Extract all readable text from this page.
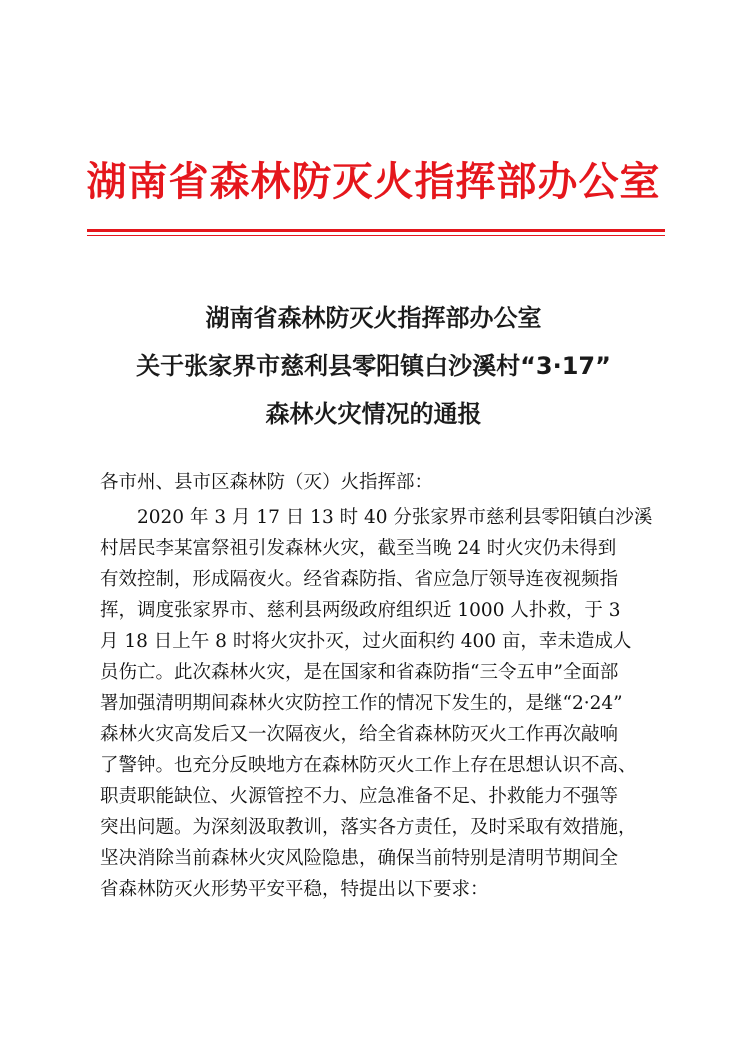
湖南省森林防灭火指挥部办公室
湖南省森林防灭火指挥部办公室
关于张家界市慈利县零阳镇白沙溪村“3·17”
森林火灾情况的通报
各市州、县市区森林防（灭）火指挥部：
　　2020 年 3 月 17 日 13 时 40 分张家界市慈利县零阳镇白沙溪
村居民李某富祭祖引发森林火灾，截至当晚 24 时火灾仍未得到
有效控制，形成隔夜火。经省森防指、省应急厅领导连夜视频指
挥，调度张家界市、慈利县两级政府组织近 1000 人扑救，于 3
月 18 日上午 8 时将火灾扑灭，过火面积约 400 亩，幸未造成人
员伤亡。此次森林火灾，是在国家和省森防指“三令五申”全面部
署加强清明期间森林火灾防控工作的情况下发生的，是继“2·24”
森林火灾高发后又一次隔夜火，给全省森林防灭火工作再次敲响
了警钟。也充分反映地方在森林防灭火工作上存在思想认识不高、
职责职能缺位、火源管控不力、应急准备不足、扑救能力不强等
突出问题。为深刻汲取教训，落实各方责任，及时采取有效措施，
坚决消除当前森林火灾风险隐患，确保当前特别是清明节期间全
省森林防灭火形势平安平稳，特提出以下要求：
